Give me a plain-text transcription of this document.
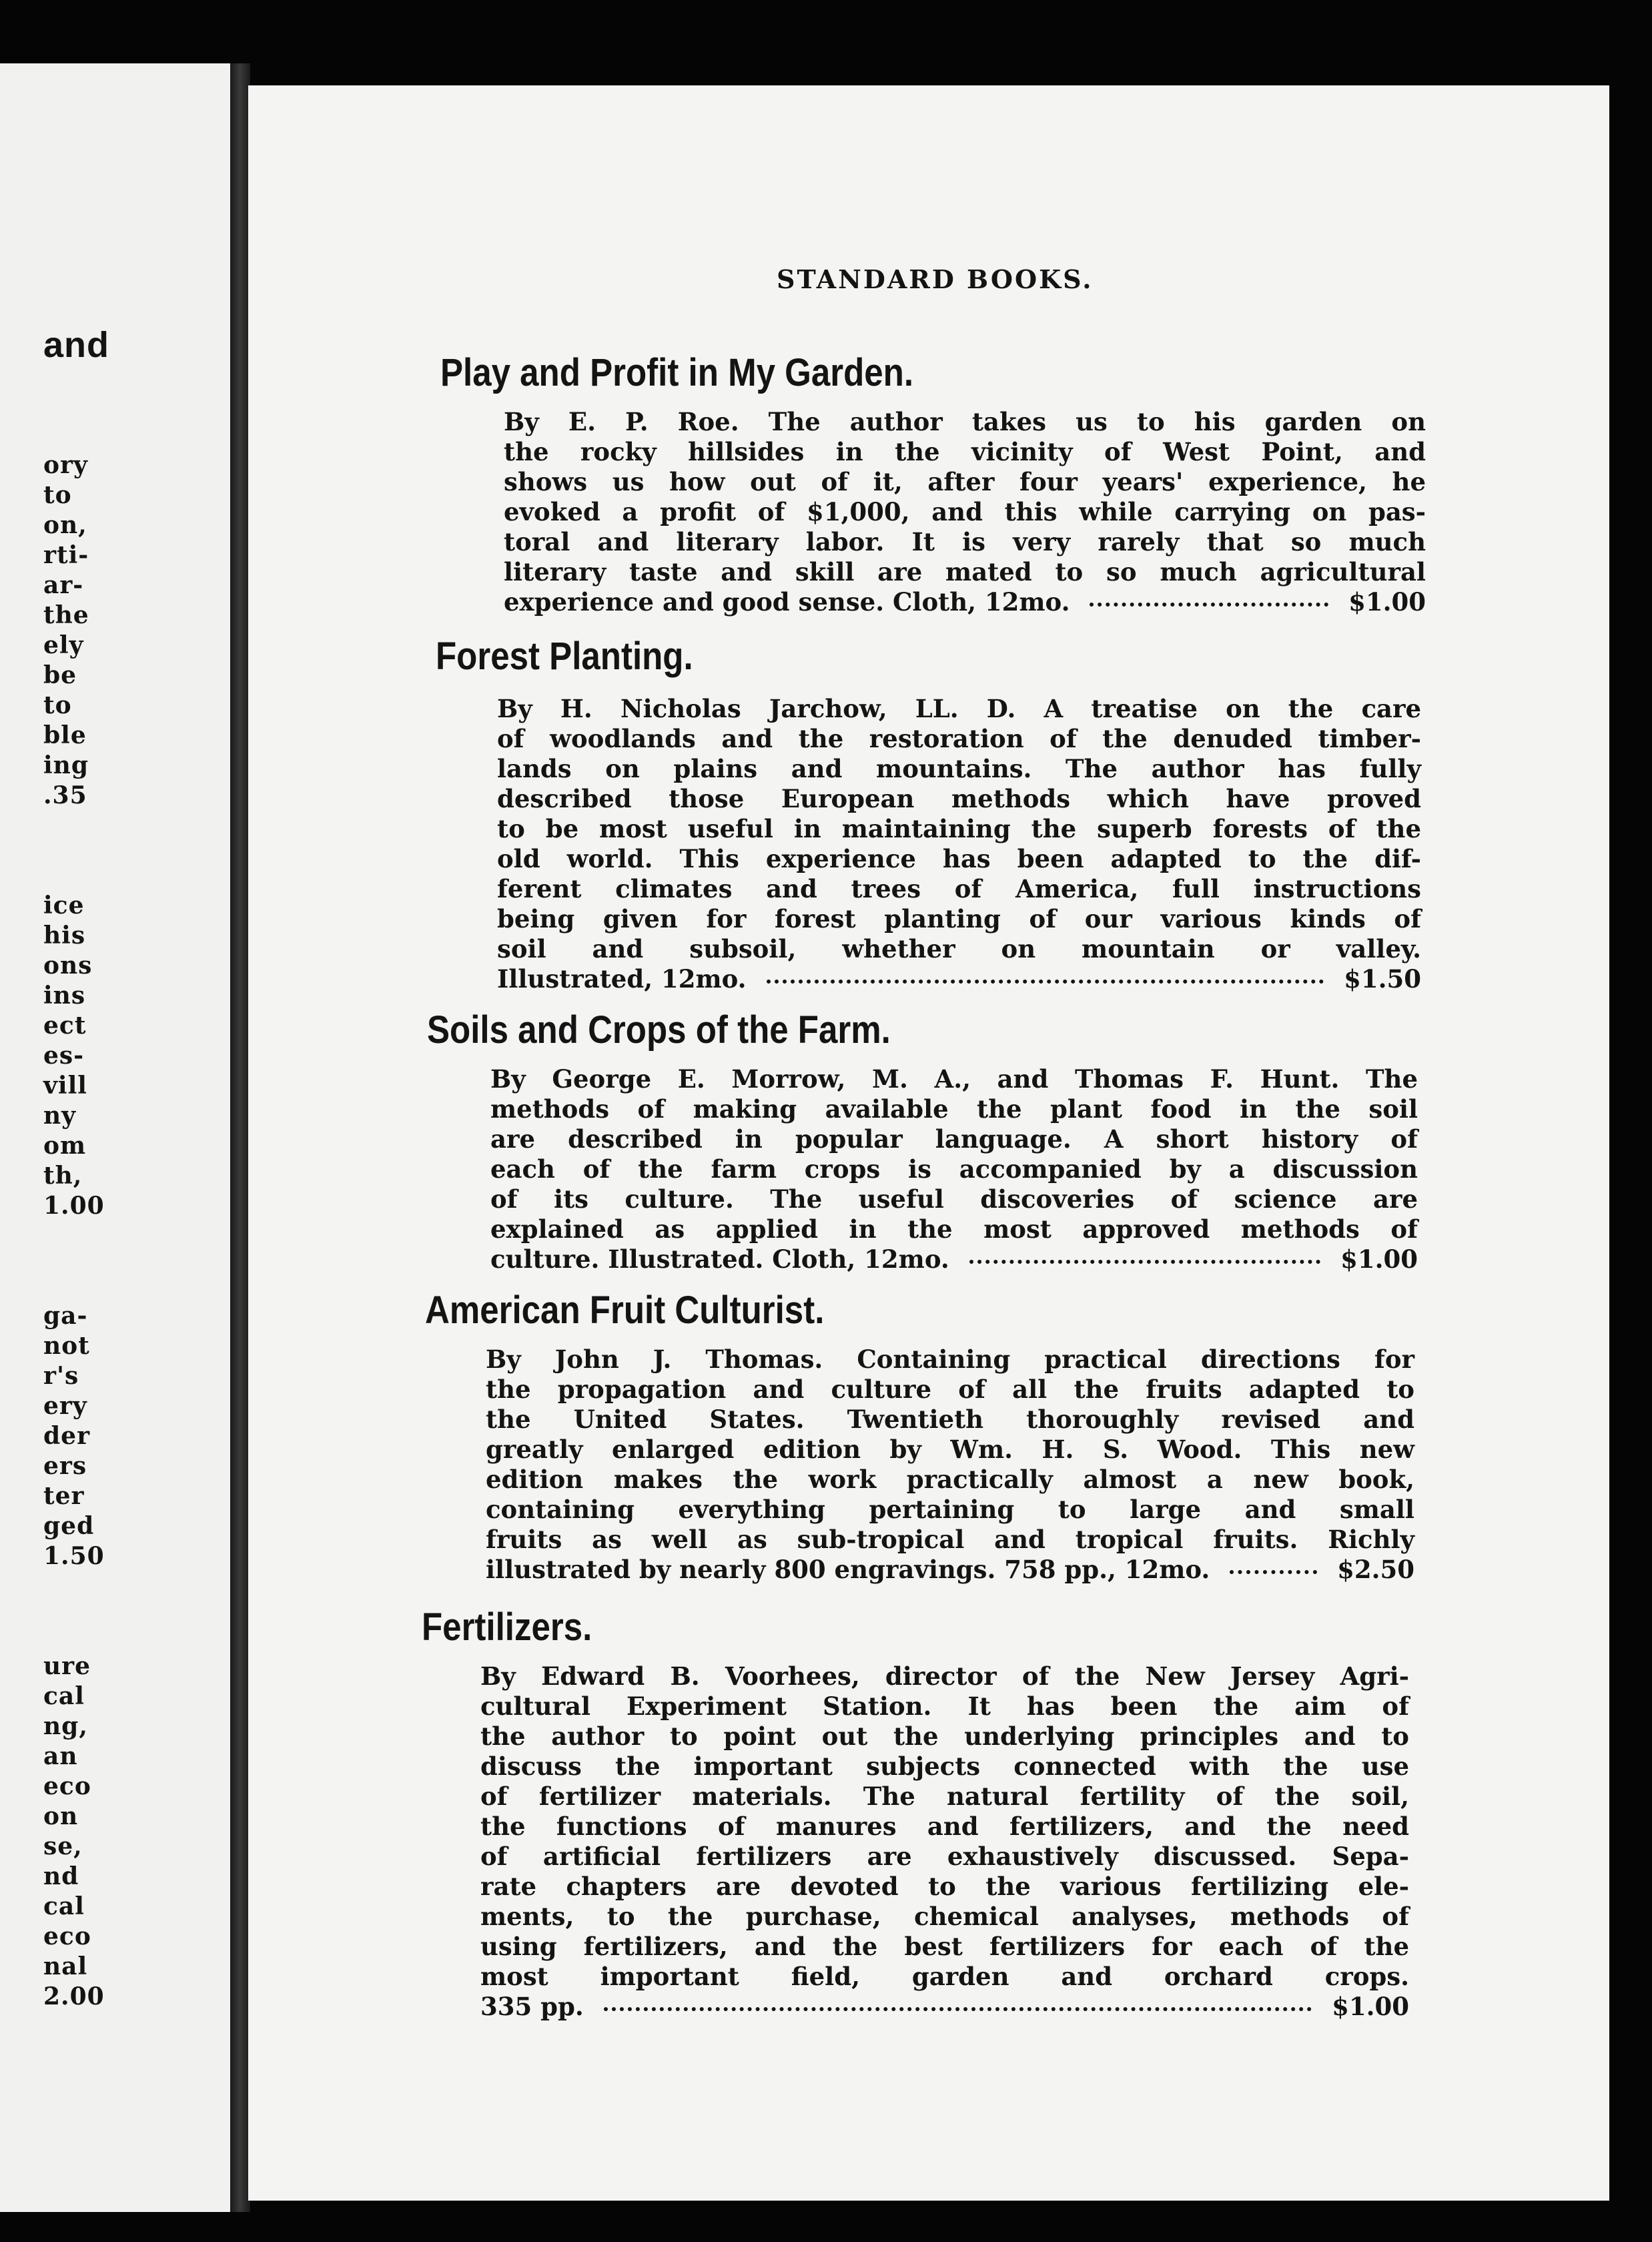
and
ory
to
on,
rti-
ar-
the
ely
be
to
ble
ing
.35
ice
his
ons
ins
ect
es-
vill
ny
om
th,
1.00
ga-
not
r's
ery
der
ers
ter
ged
1.50
ure
cal
ng,
an
eco
on
se,
nd
cal
eco
nal
2.00
STANDARD BOOKS.
Play and Profit in My Garden.
By E. P. Roe. The author takes us to his garden on
the rocky hillsides in the vicinity of West Point, and
shows us how out of it, after four years' experience, he
evoked a profit of $1,000, and this while carrying on pas-
toral and literary labor. It is very rarely that so much
literary taste and skill are mated to so much agricultural
experience and good sense. Cloth, 12mo.	$1.00
Forest Planting.
By H. Nicholas Jarchow, LL. D. A treatise on the care
of woodlands and the restoration of the denuded timber-
lands on plains and mountains. The author has fully
described those European methods which have proved
to be most useful in maintaining the superb forests of the
old world. This experience has been adapted to the dif-
ferent climates and trees of America, full instructions
being given for forest planting of our various kinds of
soil and subsoil, whether on mountain or valley.
Illustrated, 12mo.	$1.50
Soils and Crops of the Farm.
By George E. Morrow, M. A., and Thomas F. Hunt. The
methods of making available the plant food in the soil
are described in popular language. A short history of
each of the farm crops is accompanied by a discussion
of its culture. The useful discoveries of science are
explained as applied in the most approved methods of
culture. Illustrated. Cloth, 12mo.	$1.00
American Fruit Culturist.
By John J. Thomas. Containing practical directions for
the propagation and culture of all the fruits adapted to
the United States. Twentieth thoroughly revised and
greatly enlarged edition by Wm. H. S. Wood. This new
edition makes the work practically almost a new book,
containing everything pertaining to large and small
fruits as well as sub-tropical and tropical fruits. Richly
illustrated by nearly 800 engravings. 758 pp., 12mo.	$2.50
Fertilizers.
By Edward B. Voorhees, director of the New Jersey Agri-
cultural Experiment Station. It has been the aim of
the author to point out the underlying principles and to
discuss the important subjects connected with the use
of fertilizer materials. The natural fertility of the soil,
the functions of manures and fertilizers, and the need
of artificial fertilizers are exhaustively discussed. Sepa-
rate chapters are devoted to the various fertilizing ele-
ments, to the purchase, chemical analyses, methods of
using fertilizers, and the best fertilizers for each of the
most important field, garden and orchard crops.
335 pp.	$1.00
